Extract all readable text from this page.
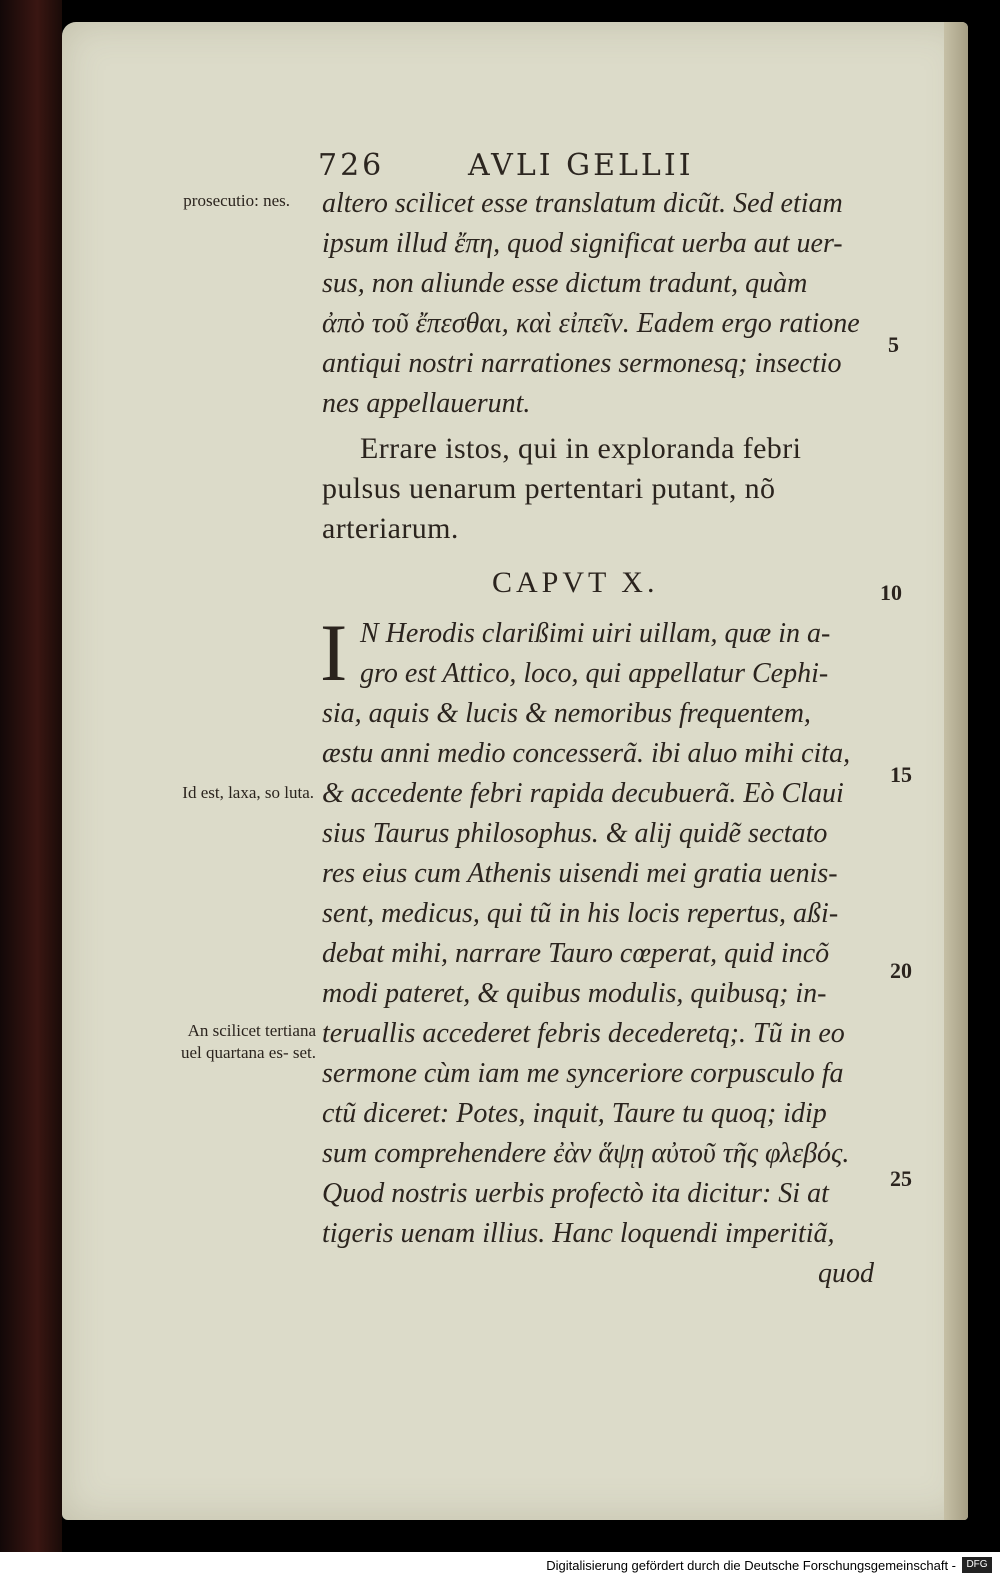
726	AVLI GELLII
altero scilicet esse translatum dicũt. Sed etiam
ipsum illud ἔπη, quod significat uerba aut uer-
sus, non aliunde esse dictum tradunt, quàm
ἀπὸ τοῦ ἔπεσθαι, καὶ εἰπεῖν. Eadem ergo ratione
antiqui nostri narrationes sermonesq; insectio
nes appellauerunt.
Errare istos, qui in exploranda febri
pulsus uenarum pertentari putant, nõ
arteriarum.
CAPVT X.
I N Herodis clarißimi uiri uillam, quæ in a-
gro est Attico, loco, qui appellatur Cephi-
sia, aquis & lucis & nemoribus frequentem,
æstu anni medio concesserã. ibi aluo mihi cita,
& accedente febri rapida decubuerã. Eò Claui
sius Taurus philosophus. & alij quidẽ sectato
res eius cum Athenis uisendi mei gratia uenis-
sent, medicus, qui tũ in his locis repertus, aßi-
debat mihi, narrare Tauro cœperat, quid incõ
modi pateret, & quibus modulis, quibusq; in-
teruallis accederet febris decederetq;. Tũ in eo
sermone cùm iam me synceriore corpusculo fa
ctũ diceret: Potes, inquit, Taure tu quoq; idip
sum comprehendere ἐὰν ἅψῃ αὐτοῦ τῆς φλεβός.
Quod nostris uerbis profectò ita dicitur: Si at
tigeris uenam illius. Hanc loquendi imperitiã,
quod
prosecutio: nes.
Id est, laxa, so luta.
An scilicet tertiana uel quartana es- set.
5
10
15
20
25
Digitalisierung gefördert durch die Deutsche Forschungsgemeinschaft -	DFG
